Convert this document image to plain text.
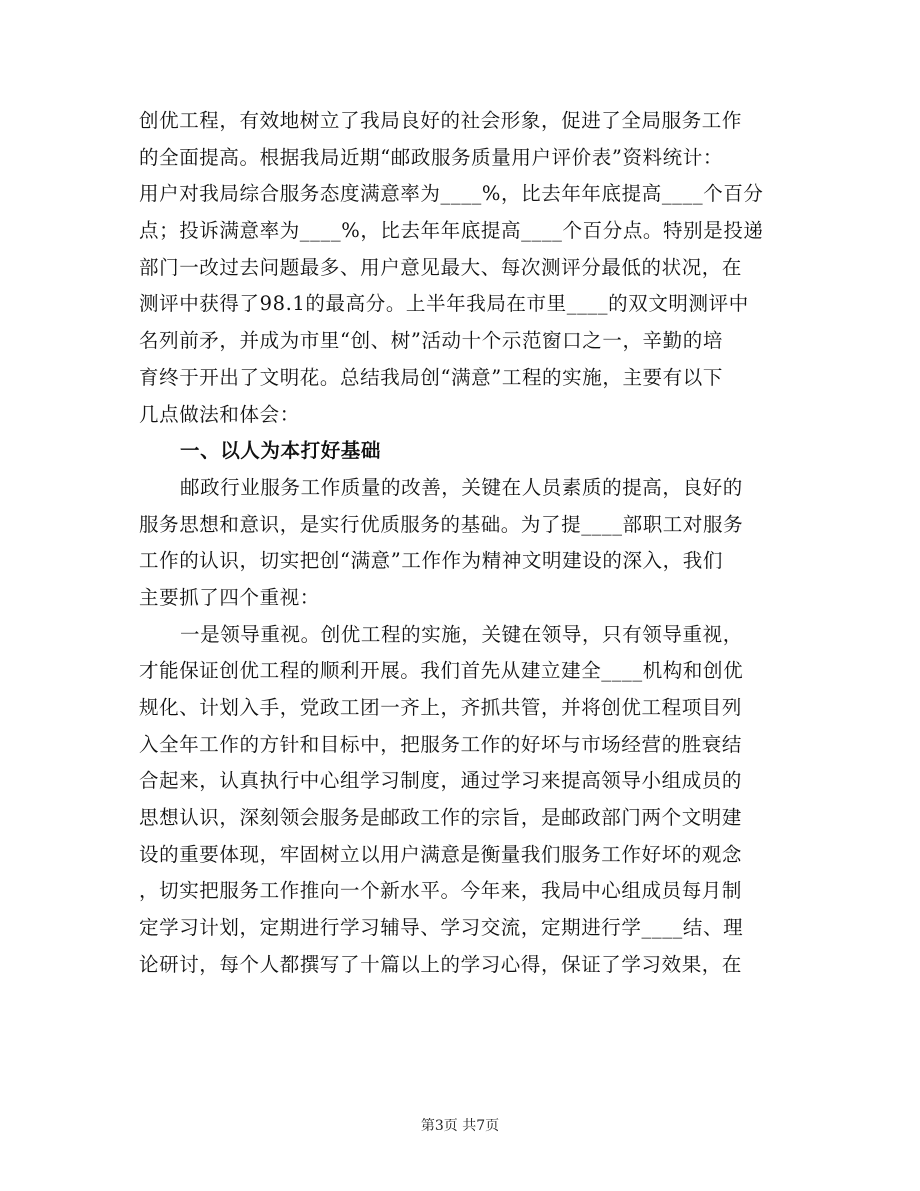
创优工程，有效地树立了我局良好的社会形象，促进了全局服务工作
的全面提高。根据我局近期“邮政服务质量用户评价表”资料统计：
用户对我局综合服务态度满意率为____%，比去年年底提高____个百分
点；投诉满意率为____%，比去年年底提高____个百分点。特别是投递
部门一改过去问题最多、用户意见最大、每次测评分最低的状况，在
测评中获得了98.1的最高分。上半年我局在市里____的双文明测评中
名列前矛，并成为市里“创、树”活动十个示范窗口之一，辛勤的培
育终于开出了文明花。总结我局创“满意”工程的实施，主要有以下
几点做法和体会：
一、以人为本打好基础
邮政行业服务工作质量的改善，关键在人员素质的提高，良好的
服务思想和意识，是实行优质服务的基础。为了提____部职工对服务
工作的认识，切实把创“满意”工作作为精神文明建设的深入，我们
主要抓了四个重视：
一是领导重视。创优工程的实施，关键在领导，只有领导重视，
才能保证创优工程的顺利开展。我们首先从建立建全____机构和创优
规化、计划入手，党政工团一齐上，齐抓共管，并将创优工程项目列
入全年工作的方针和目标中，把服务工作的好坏与市场经营的胜衰结
合起来，认真执行中心组学习制度，通过学习来提高领导小组成员的
思想认识，深刻领会服务是邮政工作的宗旨，是邮政部门两个文明建
设的重要体现，牢固树立以用户满意是衡量我们服务工作好坏的观念
，切实把服务工作推向一个新水平。今年来，我局中心组成员每月制
定学习计划，定期进行学习辅导、学习交流，定期进行学____结、理
论研讨，每个人都撰写了十篇以上的学习心得，保证了学习效果，在
第3页 共7页
